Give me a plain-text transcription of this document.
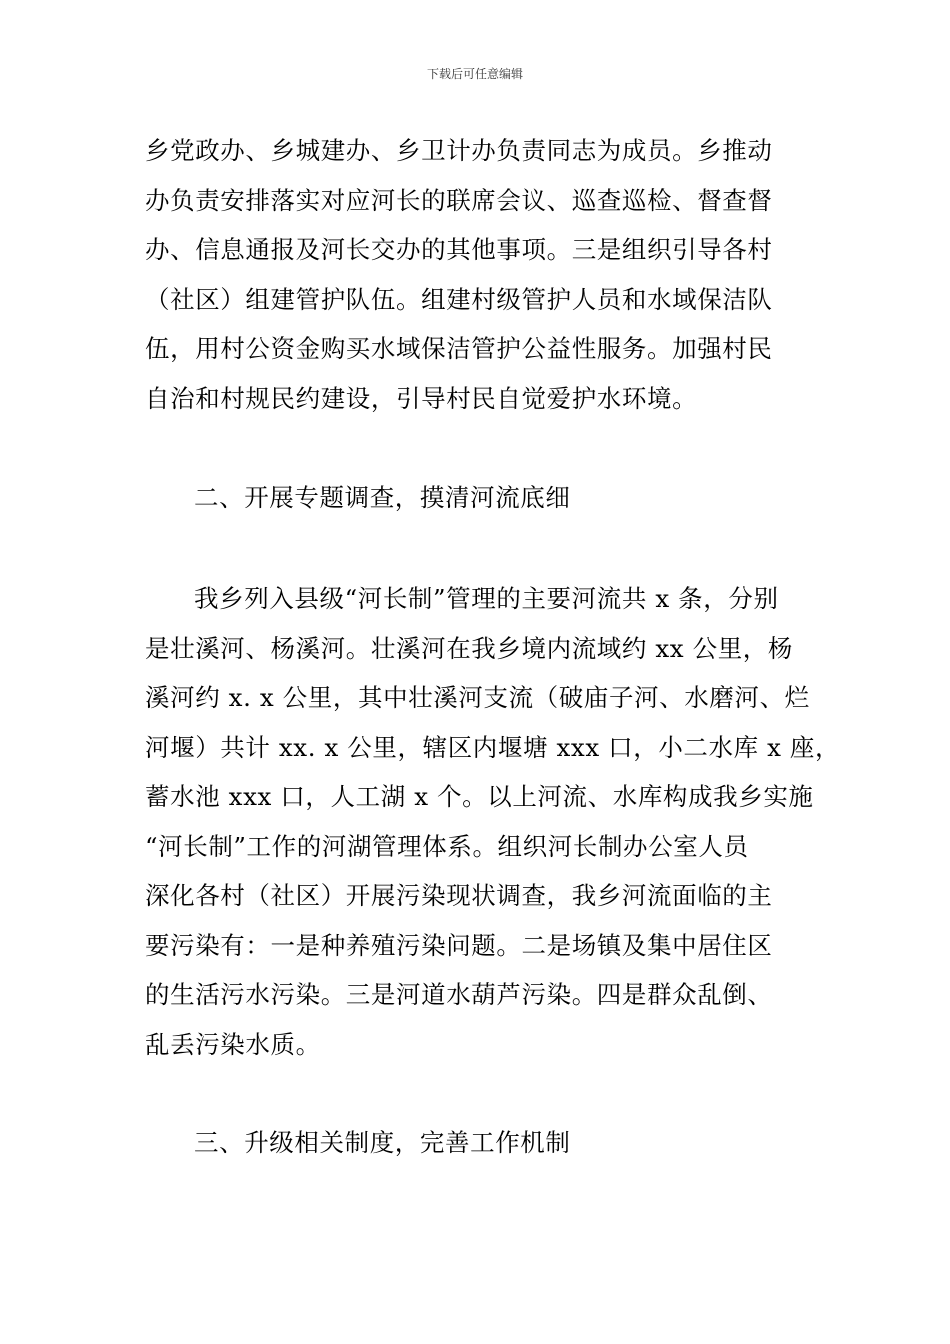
下载后可任意编辑
乡党政办、乡城建办、乡卫计办负责同志为成员。乡推动
办负责安排落实对应河长的联席会议、巡查巡检、督查督
办、信息通报及河长交办的其他事项。三是组织引导各村
（社区）组建管护队伍。组建村级管护人员和水域保洁队
伍，用村公资金购买水域保洁管护公益性服务。加强村民
自治和村规民约建设，引导村民自觉爱护水环境。
二、开展专题调查，摸清河流底细
我乡列入县级“河长制”管理的主要河流共 x 条，分别
是壮溪河、杨溪河。壮溪河在我乡境内流域约 xx 公里，杨
溪河约 x. x 公里，其中壮溪河支流（破庙子河、水磨河、烂
河堰）共计 xx. x 公里，辖区内堰塘 xxx 口，小二水库 x 座，
蓄水池 xxx 口，人工湖 x 个。以上河流、水库构成我乡实施
“河长制”工作的河湖管理体系。组织河长制办公室人员
深化各村（社区）开展污染现状调查，我乡河流面临的主
要污染有：一是种养殖污染问题。二是场镇及集中居住区
的生活污水污染。三是河道水葫芦污染。四是群众乱倒、
乱丢污染水质。
三、升级相关制度，完善工作机制
